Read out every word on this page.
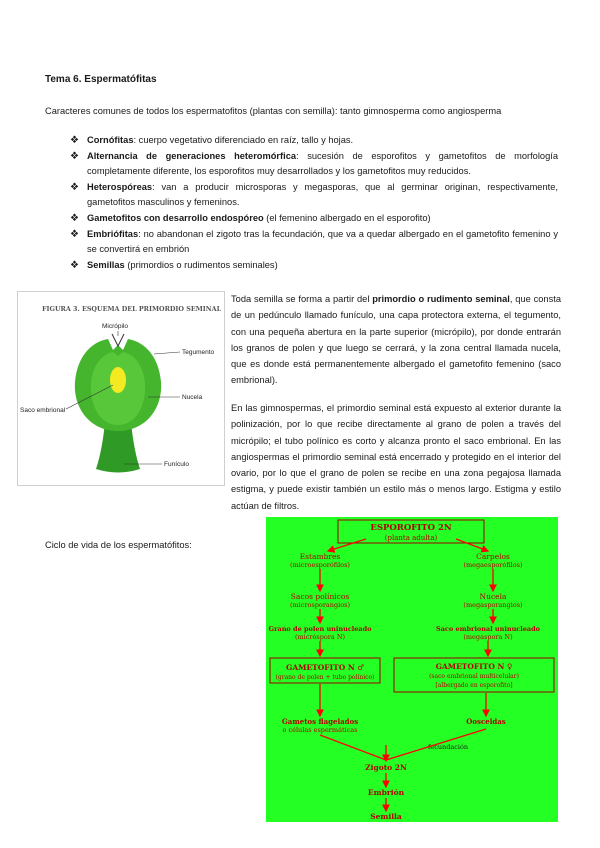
Tema 6. Espermatófitas
Caracteres comunes de todos los espermatofitos (plantas con semilla): tanto gimnosperma como angiosperma
❖ Cornófitas: cuerpo vegetativo diferenciado en raíz, tallo y hojas.
❖ Alternancia de generaciones heteromórfica: sucesión de esporofitos y gametofitos de morfología completamente diferente, los esporofitos muy desarrollados y los gametofitos muy reducidos.
❖ Heterospóreas: van a producir microsporas y megasporas, que al germinar originan, respectivamente, gametofitos masculinos y femeninos.
❖ Gametofitos con desarrollo endospóreo (el femenino albergado en el esporofito)
❖ Embriófitas: no abandonan el zigoto tras la fecundación, que va a quedar albergado en el gametofito femenino y se convertirá en embrión
❖ Semillas (primordios o rudimentos seminales)
FIGURA 3. ESQUEMA DEL PRIMORDIO SEMINAL
Micrópilo
Tegumento
Nucela
Saco embrional
Funículo

Toda semilla se forma a partir del primordio o rudimento seminal, que consta de un pedúnculo llamado funículo, una capa protectora externa, el tegumento, con una pequeña abertura en la parte superior (micrópilo), por donde entrarán los granos de polen y que luego se cerrará, y la zona central llamada nucela, que es donde está permanentemente albergado el gametofito femenino (saco embrional).

En las gimnospermas, el primordio seminal está expuesto al exterior durante la polinización, por lo que recibe directamente al grano de polen a través del micrópilo; el tubo polínico es corto y alcanza pronto el saco embrional. En las angiospermas el primordio seminal está encerrado y protegido en el interior del ovario, por lo que el grano de polen se recibe en una zona pegajosa llamada estigma, y puede existir también un estilo más o menos largo. Estigma y estilo actúan de filtros.

Ciclo de vida de los espermatófitos:
ESPOROFITO 2N
(planta adulta)
Estambres
(microesporófilos)
Sacos polínicos
(microsporangios)
Grano de polen uninucleado
(micróspora N)
GAMETOFITO N ♂
(grano de polen + tubo polínico)
Gametos flagelados
o células espermáticas
Carpelos
(megaesporófilos)
Nucela
(megasporangios)
Saco embrional uninucleado
(megaspora N)
GAMETOFITO N ♀
(saco embrional multicelular)
[albergado en esporofito]
Oosceldas
fecundación
Zigoto 2N
Embrión
Semilla
